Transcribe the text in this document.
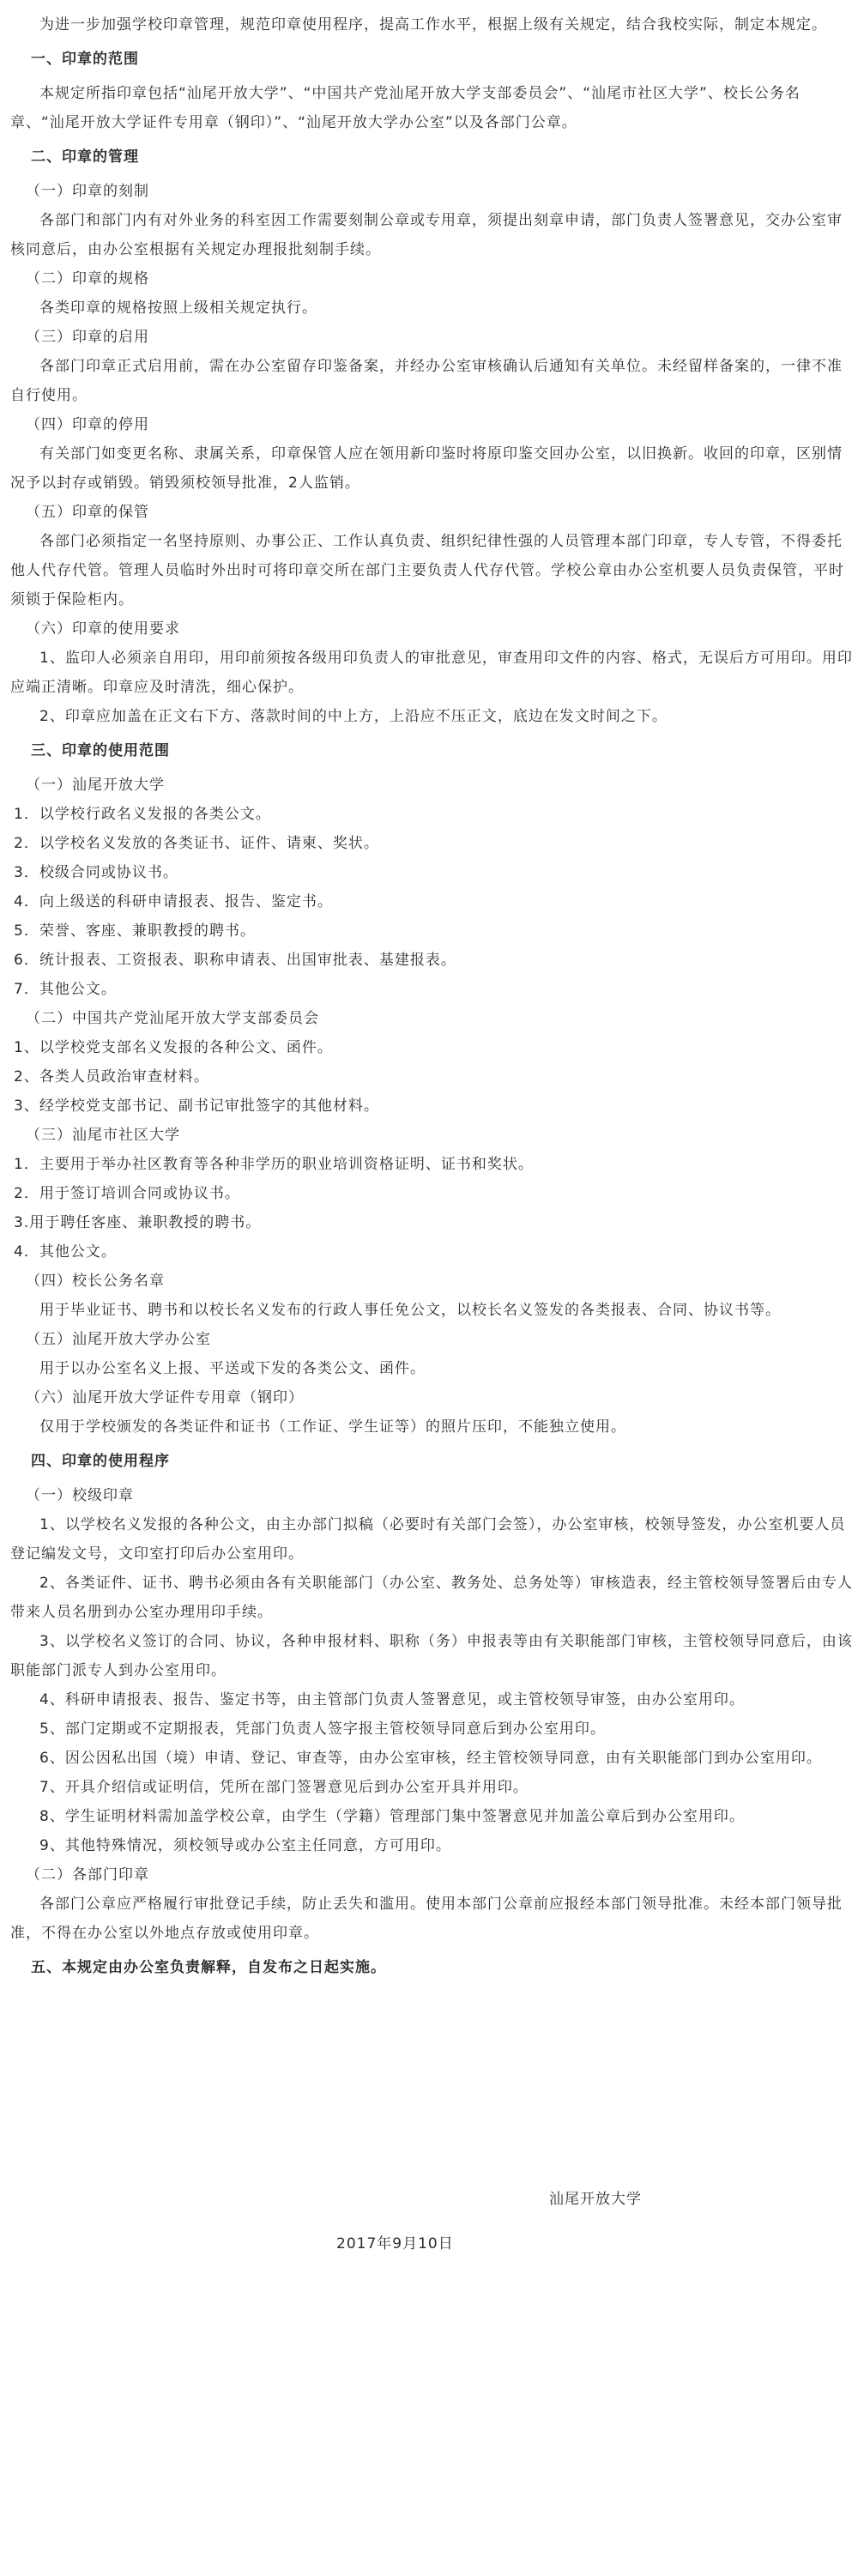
为进一步加强学校印章管理，规范印章使用程序，提高工作水平，根据上级有关规定，结合我校实际，制定本规定。

一、印章的范围

本规定所指印章包括“汕尾开放大学”、“中国共产党汕尾开放大学支部委员会”、“汕尾市社区大学”、校长公务名章、“汕尾开放大学证件专用章（钢印）”、“汕尾开放大学办公室”以及各部门公章。

二、印章的管理

（一）印章的刻制

各部门和部门内有对外业务的科室因工作需要刻制公章或专用章，须提出刻章申请，部门负责人签署意见，交办公室审核同意后，由办公室根据有关规定办理报批刻制手续。

（二）印章的规格

各类印章的规格按照上级相关规定执行。

（三）印章的启用

各部门印章正式启用前，需在办公室留存印鉴备案，并经办公室审核确认后通知有关单位。未经留样备案的，一律不准自行使用。

（四）印章的停用

有关部门如变更名称、隶属关系，印章保管人应在领用新印鉴时将原印鉴交回办公室，以旧换新。收回的印章，区别情况予以封存或销毁。销毁须校领导批准，2人监销。

（五）印章的保管

各部门必须指定一名坚持原则、办事公正、工作认真负责、组织纪律性强的人员管理本部门印章，专人专管，不得委托他人代存代管。管理人员临时外出时可将印章交所在部门主要负责人代存代管。学校公章由办公室机要人员负责保管，平时须锁于保险柜内。

（六）印章的使用要求

1、监印人必须亲自用印，用印前须按各级用印负责人的审批意见，审查用印文件的内容、格式，无误后方可用印。用印应端正清晰。印章应及时清洗，细心保护。

2、印章应加盖在正文右下方、落款时间的中上方，上沿应不压正文，底边在发文时间之下。

三、印章的使用范围

（一）汕尾开放大学

1．以学校行政名义发报的各类公文。

2．以学校名义发放的各类证书、证件、请柬、奖状。

3．校级合同或协议书。

4．向上级送的科研申请报表、报告、鉴定书。

5．荣誉、客座、兼职教授的聘书。

6．统计报表、工资报表、职称申请表、出国审批表、基建报表。

7．其他公文。

（二）中国共产党汕尾开放大学支部委员会

1、以学校党支部名义发报的各种公文、函件。

2、各类人员政治审查材料。

3、经学校党支部书记、副书记审批签字的其他材料。

（三）汕尾市社区大学

1．主要用于举办社区教育等各种非学历的职业培训资格证明、证书和奖状。

2．用于签订培训合同或协议书。

3.用于聘任客座、兼职教授的聘书。

4．其他公文。

（四）校长公务名章

用于毕业证书、聘书和以校长名义发布的行政人事任免公文，以校长名义签发的各类报表、合同、协议书等。

（五）汕尾开放大学办公室

用于以办公室名义上报、平送或下发的各类公文、函件。

（六）汕尾开放大学证件专用章（钢印）

仅用于学校颁发的各类证件和证书（工作证、学生证等）的照片压印，不能独立使用。

四、印章的使用程序

（一）校级印章

1、以学校名义发报的各种公文，由主办部门拟稿（必要时有关部门会签），办公室审核，校领导签发，办公室机要人员登记编发文号，文印室打印后办公室用印。

2、各类证件、证书、聘书必须由各有关职能部门（办公室、教务处、总务处等）审核造表，经主管校领导签署后由专人带来人员名册到办公室办理用印手续。

3、以学校名义签订的合同、协议，各种申报材料、职称（务）申报表等由有关职能部门审核，主管校领导同意后，由该职能部门派专人到办公室用印。

4、科研申请报表、报告、鉴定书等，由主管部门负责人签署意见，或主管校领导审签，由办公室用印。

5、部门定期或不定期报表，凭部门负责人签字报主管校领导同意后到办公室用印。

6、因公因私出国（境）申请、登记、审查等，由办公室审核，经主管校领导同意，由有关职能部门到办公室用印。

7、开具介绍信或证明信，凭所在部门签署意见后到办公室开具并用印。

8、学生证明材料需加盖学校公章，由学生（学籍）管理部门集中签署意见并加盖公章后到办公室用印。

9、其他特殊情况，须校领导或办公室主任同意，方可用印。

（二）各部门印章

各部门公章应严格履行审批登记手续，防止丢失和滥用。使用本部门公章前应报经本部门领导批准。未经本部门领导批准，不得在办公室以外地点存放或使用印章。

五、本规定由办公室负责解释，自发布之日起实施。

汕尾开放大学

2017年9月10日
